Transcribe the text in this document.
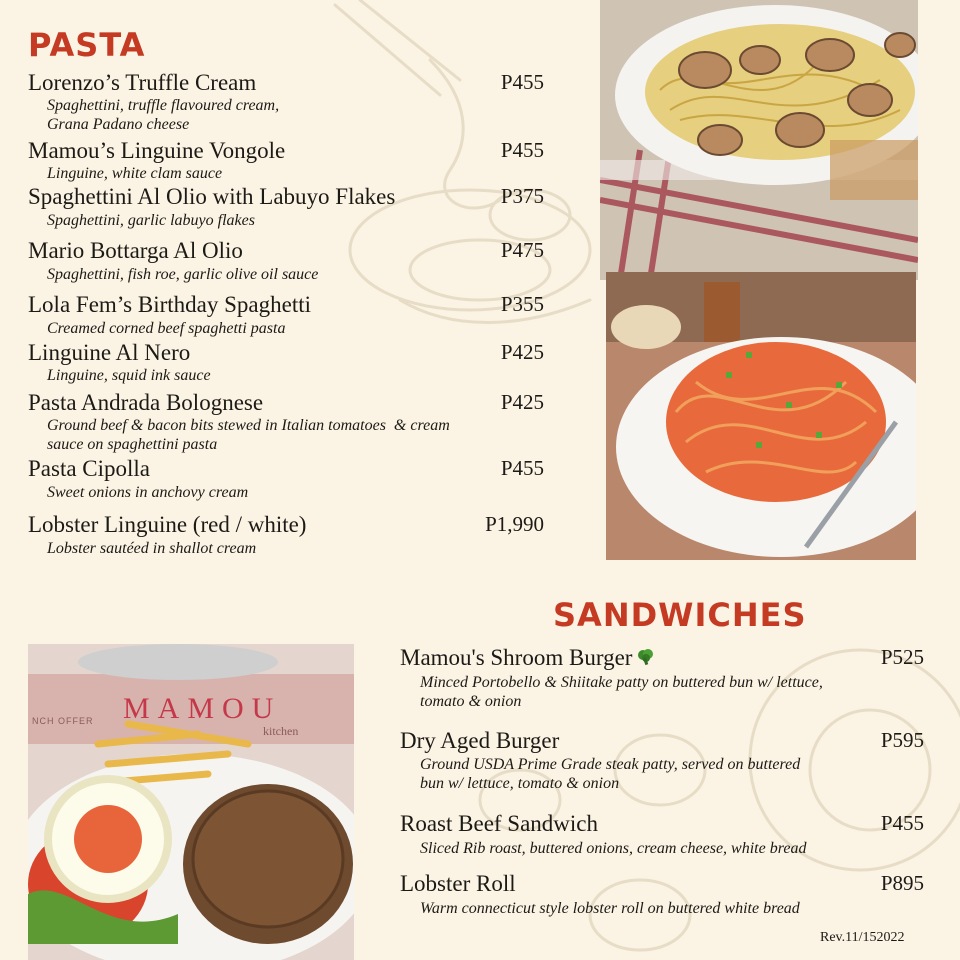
PASTA
Lorenzo’s Truffle Cream	P455
Spaghettini, truffle flavoured cream,
Grana Padano cheese
Mamou’s Linguine Vongole	P455
Linguine, white clam sauce
Spaghettini Al Olio with Labuyo Flakes	P375
Spaghettini, garlic labuyo flakes
Mario Bottarga Al Olio	P475
Spaghettini, fish roe, garlic olive oil sauce
Lola Fem’s Birthday Spaghetti	P355
Creamed corned beef spaghetti pasta
Linguine Al Nero	P425
Linguine, squid ink sauce
Pasta Andrada Bolognese	P425
Ground beef & bacon bits stewed in Italian tomatoes  & cream
sauce on spaghettini pasta
Pasta Cipolla	P455
Sweet onions in anchovy cream
Lobster Linguine (red / white)	P1,990
Lobster sautéed in shallot cream
MAMOU
kitchen
NCH OFFER
SANDWICHES
Mamou's Shroom Burger	P525
Minced Portobello & Shiitake patty on buttered bun w/ lettuce,
tomato & onion
Dry Aged Burger	P595
Ground USDA Prime Grade steak patty, served on buttered
bun w/ lettuce, tomato & onion
Roast Beef Sandwich	P455
Sliced Rib roast, buttered onions, cream cheese, white bread
Lobster Roll	P895
Warm connecticut style lobster roll on buttered white bread
Rev.11/152022
